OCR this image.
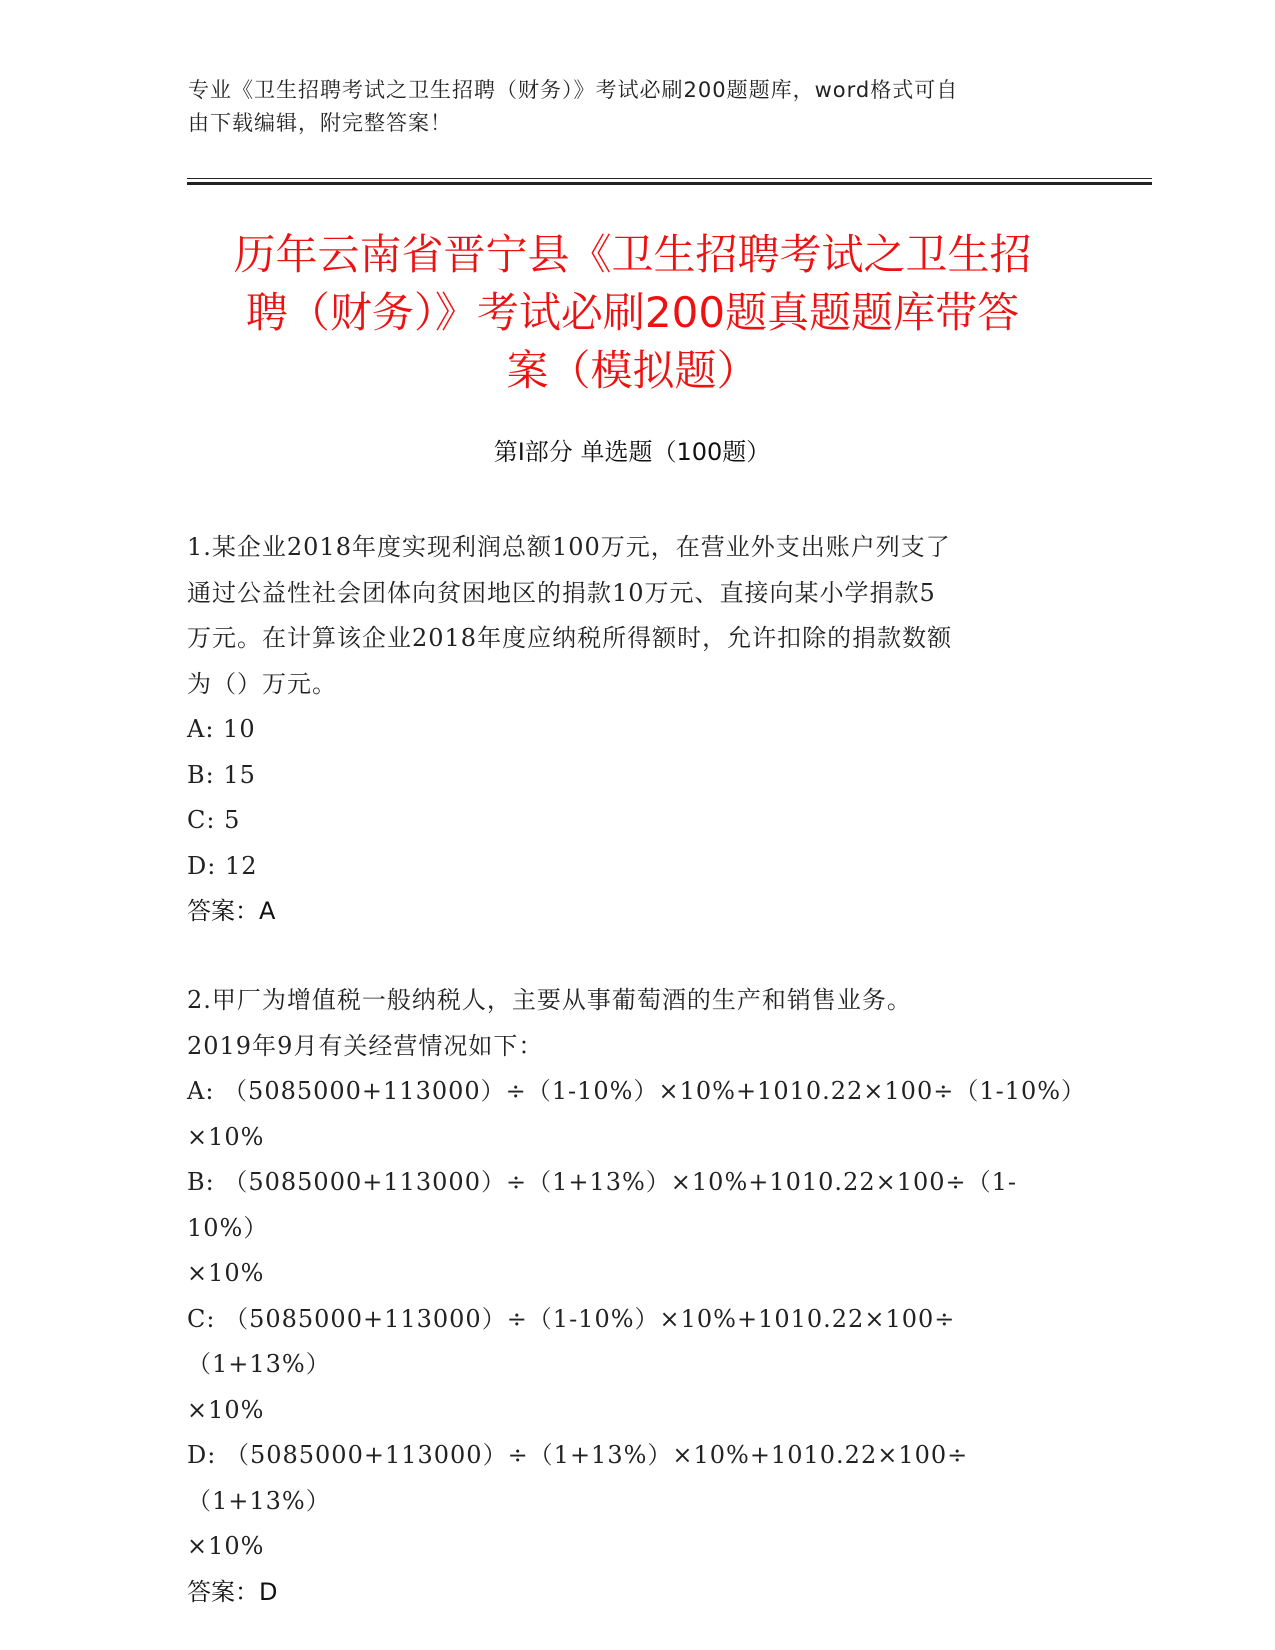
专业《卫生招聘考试之卫生招聘（财务）》考试必刷200题题库，word格式可自
由下载编辑，附完整答案！
历年云南省晋宁县《卫生招聘考试之卫生招
聘（财务）》考试必刷200题真题题库带答
案（模拟题）
第I部分 单选题（100题）

1.某企业2018年度实现利润总额100万元，在营业外支出账户列支了

通过公益性社会团体向贫困地区的捐款10万元、直接向某小学捐款5

万元。在计算该企业2018年度应纳税所得额时，允许扣除的捐款数额

为（）万元。

A: 10

B: 15

C: 5

D: 12

答案：A

2.甲厂为增值税一般纳税人，主要从事葡萄酒的生产和销售业务。

2019年9月有关经营情况如下：

A: （5085000+113000）÷（1-10%）×10%+1010.22×100÷（1-10%）

×10%

B: （5085000+113000）÷（1+13%）×10%+1010.22×100÷（1-10%）

×10%

C: （5085000+113000）÷（1-10%）×10%+1010.22×100÷（1+13%）

×10%

D: （5085000+113000）÷（1+13%）×10%+1010.22×100÷（1+13%）

×10%

答案：D
